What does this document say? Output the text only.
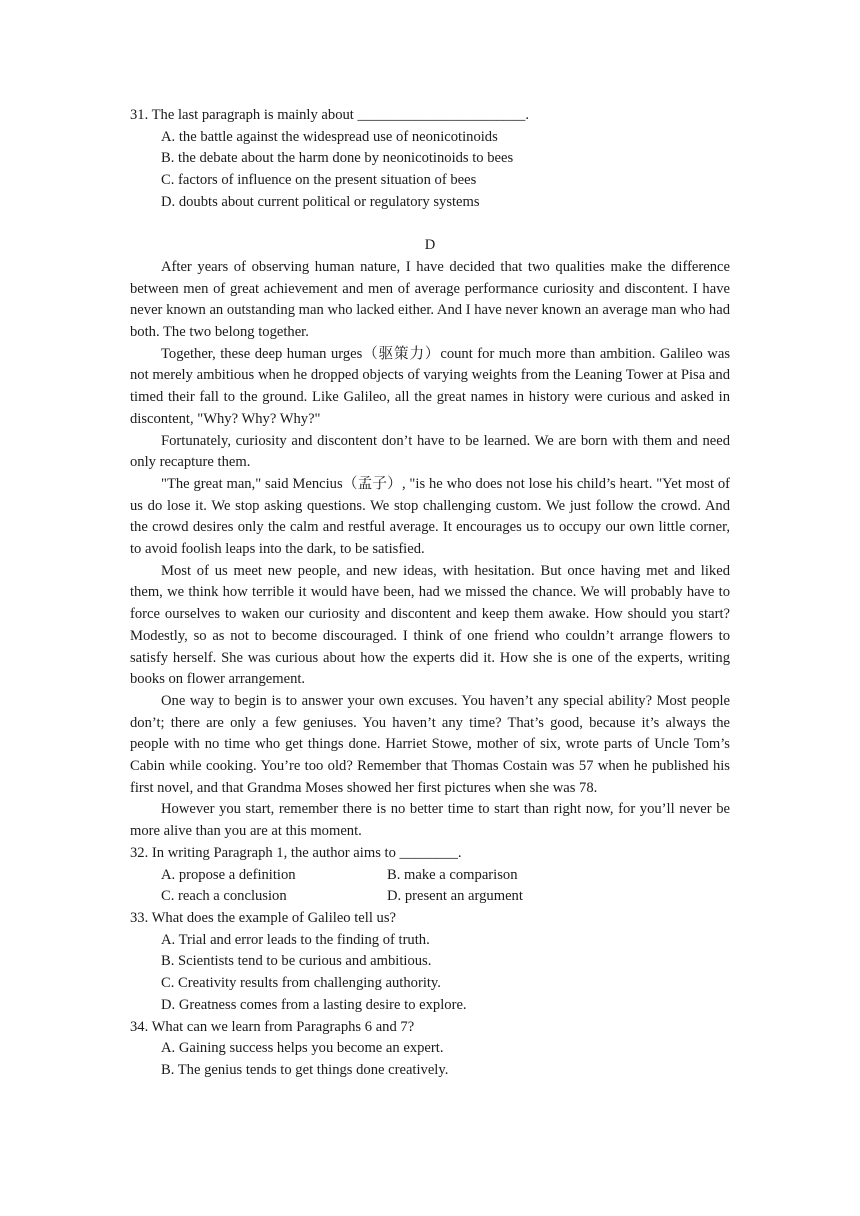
31. The last paragraph is mainly about _______________________.

A. the battle against the widespread use of neonicotinoids

B. the debate about the harm done by neonicotinoids to bees

C. factors of influence on the present situation of bees

D. doubts about current political or regulatory systems

D

After years of observing human nature, I have decided that two qualities make the difference between men of great achievement and men of average performance curiosity and discontent. I have never known an outstanding man who lacked either. And I have never known an average man who had both. The two belong together.

Together, these deep human urges（驱策力）count for much more than ambition. Galileo was not merely ambitious when he dropped objects of varying weights from the Leaning Tower at Pisa and timed their fall to the ground. Like Galileo, all the great names in history were curious and asked in discontent, "Why? Why? Why?"

Fortunately, curiosity and discontent don’t have to be learned. We are born with them and need only recapture them.

"The great man," said Mencius（孟子）, "is he who does not lose his child’s heart. "Yet most of us do lose it. We stop asking questions. We stop challenging custom. We just follow the crowd. And the crowd desires only the calm and restful average. It encourages us to occupy our own little corner, to avoid foolish leaps into the dark, to be satisfied.

Most of us meet new people, and new ideas, with hesitation. But once having met and liked them, we think how terrible it would have been, had we missed the chance. We will probably have to force ourselves to waken our curiosity and discontent and keep them awake. How should you start? Modestly, so as not to become discouraged. I think of one friend who couldn’t arrange flowers to satisfy herself. She was curious about how the experts did it. How she is one of the experts, writing books on flower arrangement.

One way to begin is to answer your own excuses. You haven’t any special ability? Most people don’t; there are only a few geniuses. You haven’t any time? That’s good, because it’s always the people with no time who get things done. Harriet Stowe, mother of six, wrote parts of Uncle Tom’s Cabin while cooking. You’re too old? Remember that Thomas Costain was 57 when he published his first novel, and that Grandma Moses showed her first pictures when she was 78.

However you start, remember there is no better time to start than right now, for you’ll never be more alive than you are at this moment.

32. In writing Paragraph 1, the author aims to ________.

A. propose a definition	B. make a comparison
C. reach a conclusion	D. present an argument

33. What does the example of Galileo tell us?

A. Trial and error leads to the finding of truth.

B. Scientists tend to be curious and ambitious.

C. Creativity results from challenging authority.

D. Greatness comes from a lasting desire to explore.

34. What can we learn from Paragraphs 6 and 7?

A. Gaining success helps you become an expert.

B. The genius tends to get things done creatively.
